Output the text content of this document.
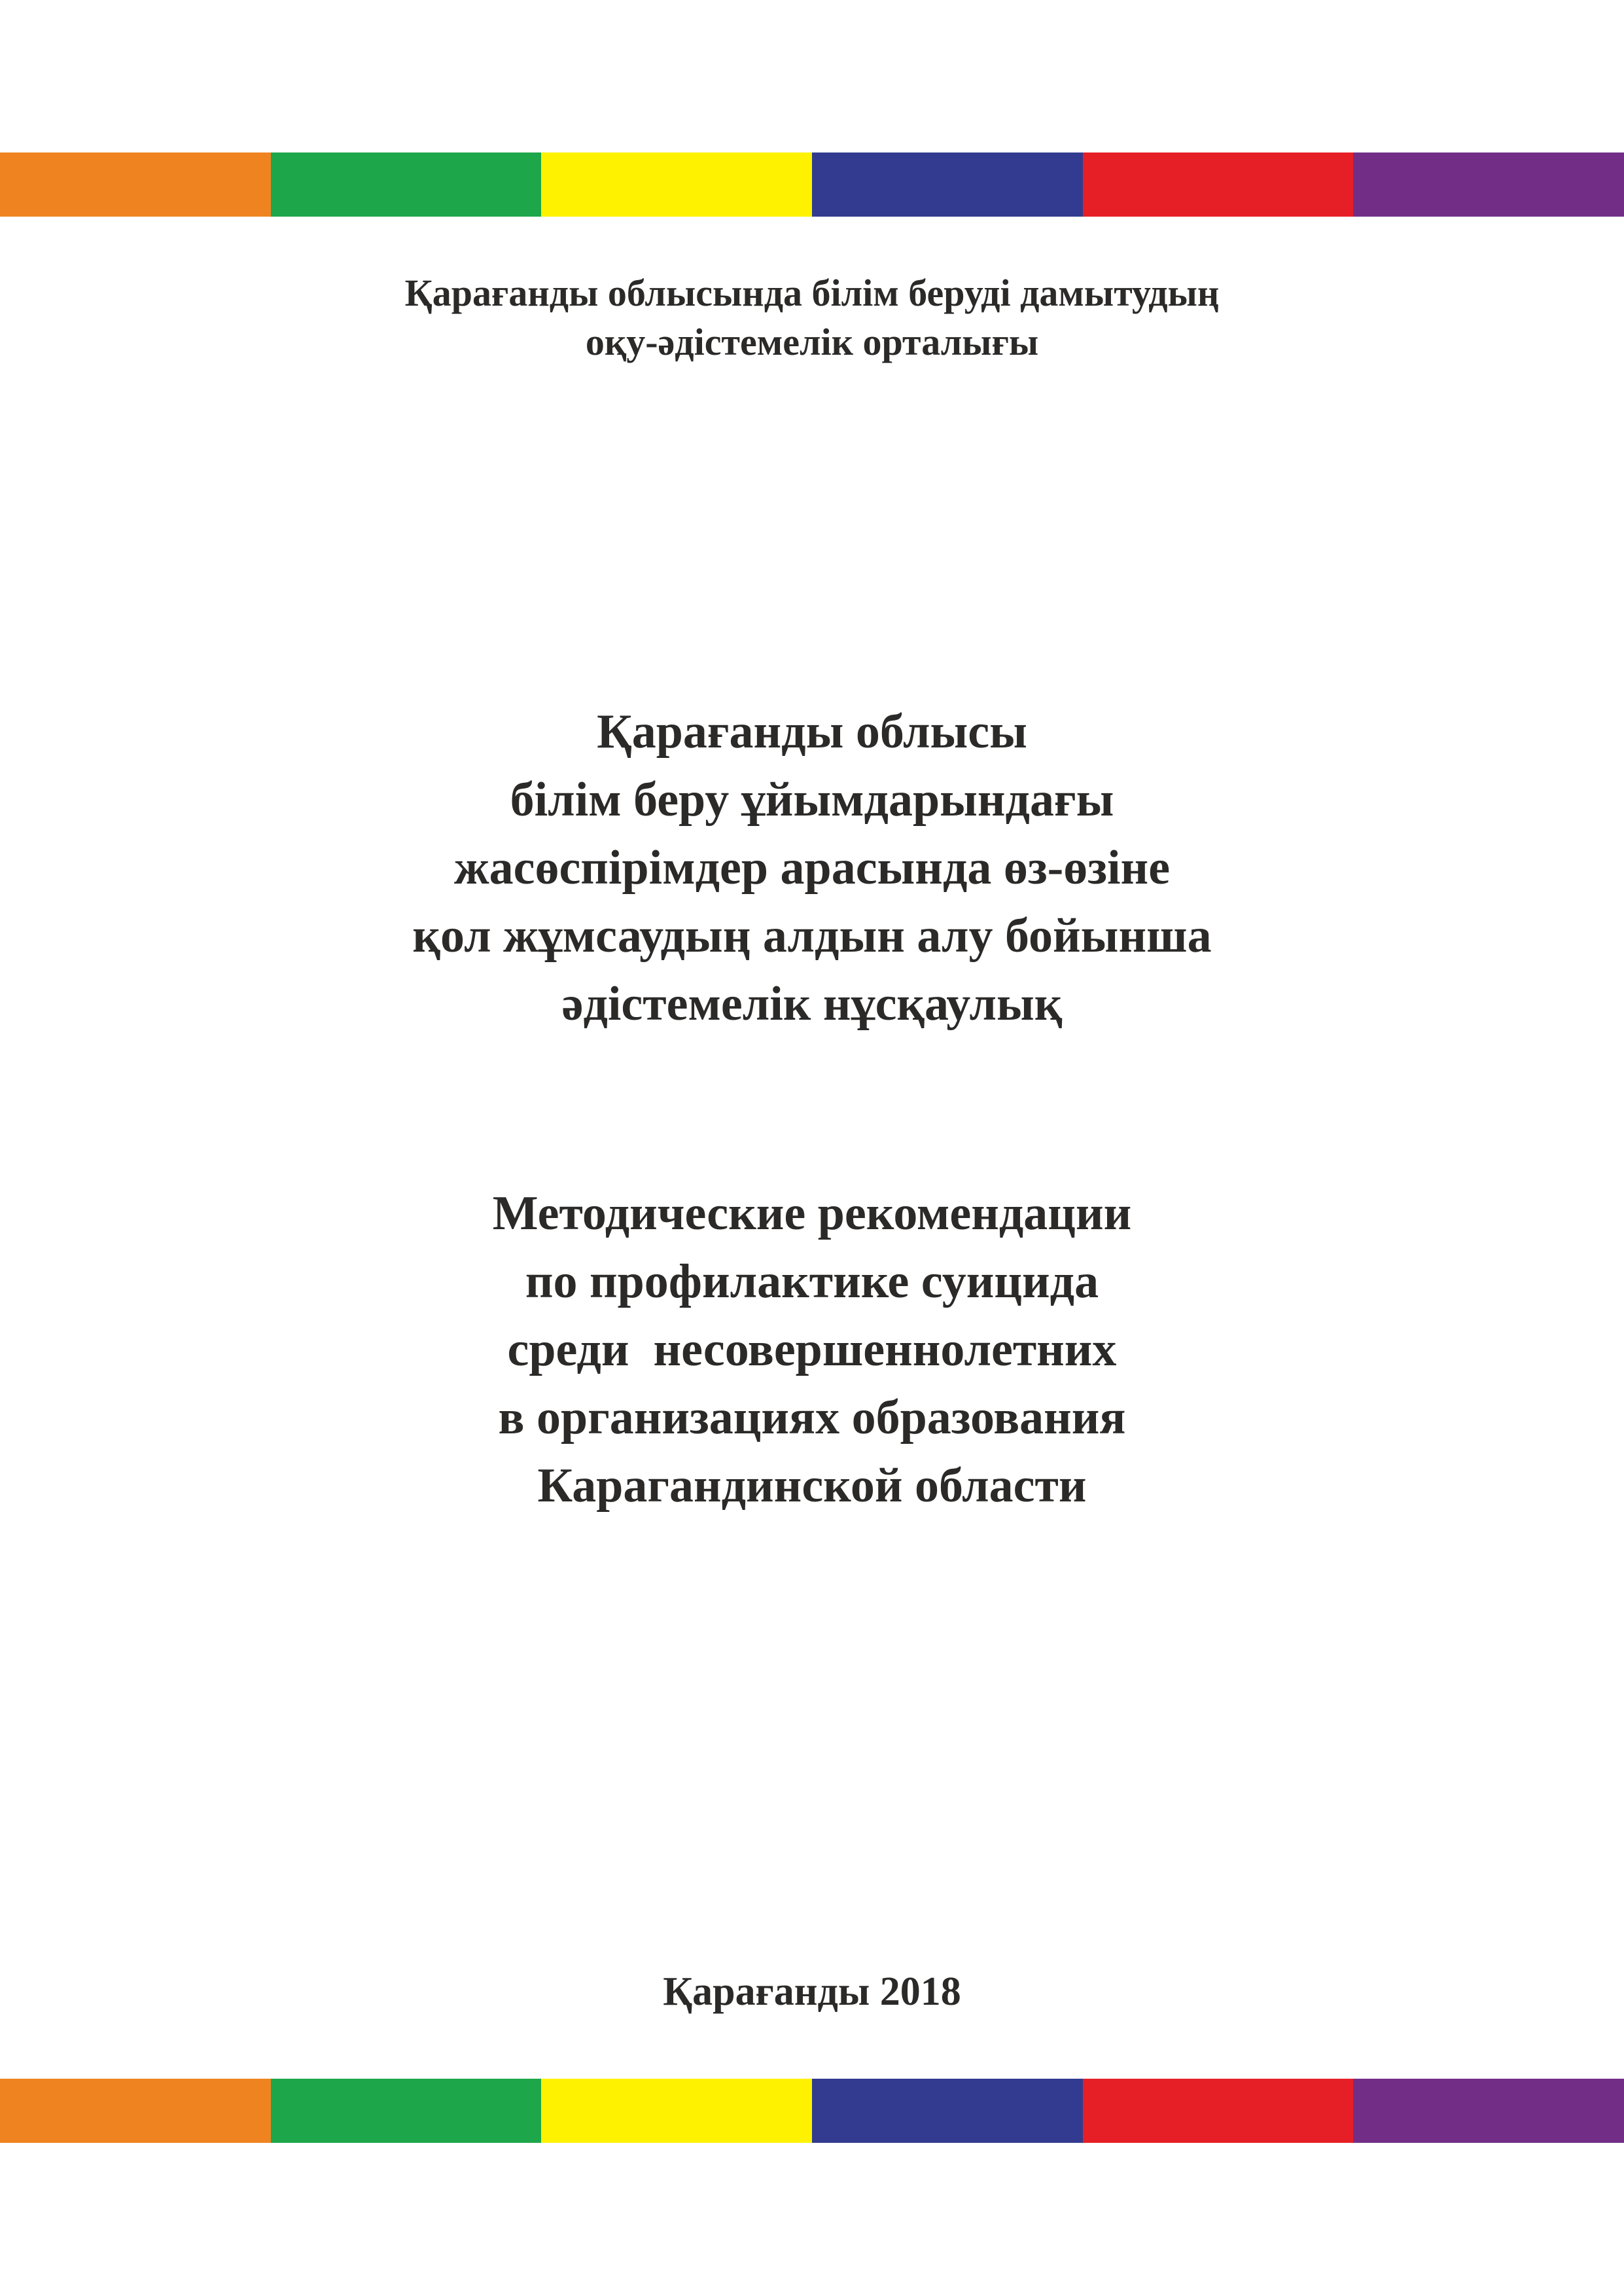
Қарағанды облысында білім беруді дамытудың
оқу-әдістемелік орталығы
Қарағанды облысы
білім беру ұйымдарындағы
жасөспірімдер арасында өз-өзіне
қол жұмсаудың алдын алу бойынша
әдістемелік нұсқаулық
Методические рекомендации
по профилактике суицида
среди  несовершеннолетних
в организациях образования
Карагандинской области
Қарағанды 2018
